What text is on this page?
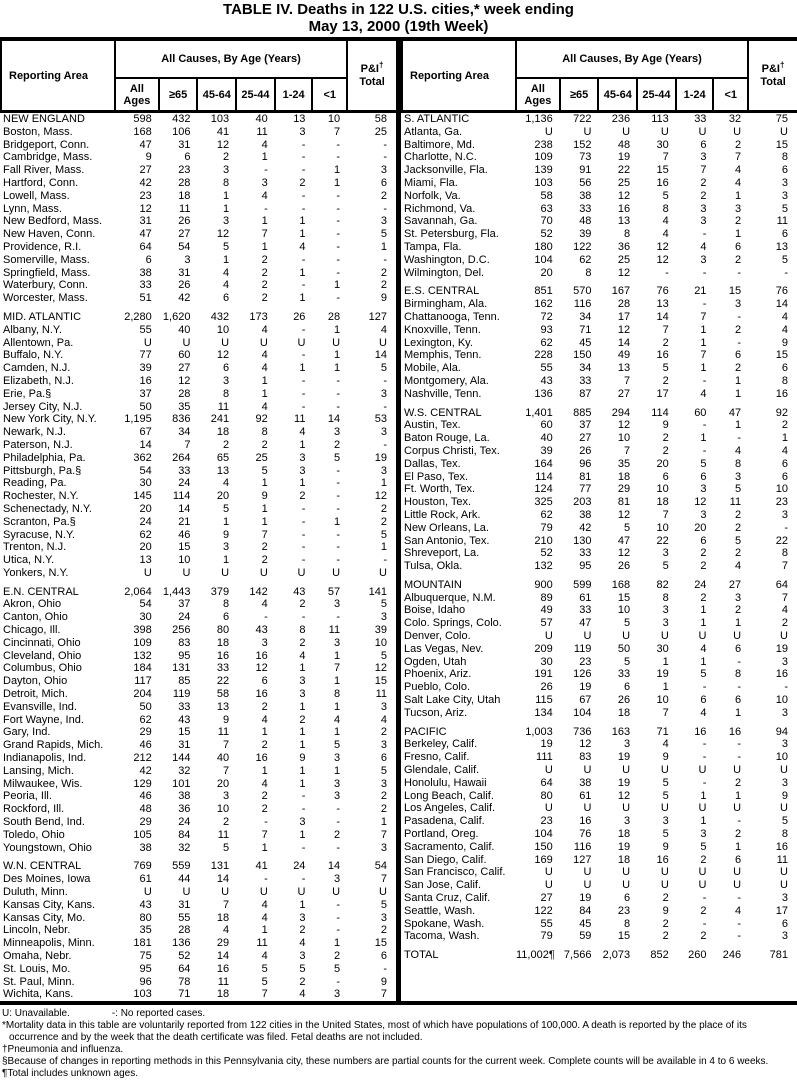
TABLE IV. Deaths in 122 U.S. cities,* week ending
May 13, 2000 (19th Week)
Reporting Area	All Causes, By Age (Years)						P&I†
Total
	All Ages	≥65	45-64	25-44	1-24	<1	
NEW ENGLAND	598	432	103	40	13	10	58
Boston, Mass.	168	106	41	11	3	7	25
Bridgeport, Conn.	47	31	12	4	-	-	-
Cambridge, Mass.	9	6	2	1	-	-	-
Fall River, Mass.	27	23	3	-	-	1	3
Hartford, Conn.	42	28	8	3	2	1	6
Lowell, Mass.	23	18	1	4	-	-	2
Lynn, Mass.	12	11	1	-	-	-	-
New Bedford, Mass.	31	26	3	1	1	-	3
New Haven, Conn.	47	27	12	7	1	-	5
Providence, R.I.	64	54	5	1	4	-	1
Somerville, Mass.	6	3	1	2	-	-	-
Springfield, Mass.	38	31	4	2	1	-	2
Waterbury, Conn.	33	26	4	2	-	1	2
Worcester, Mass.	51	42	6	2	1	-	9

MID. ATLANTIC	2,280	1,620	432	173	26	28	127
Albany, N.Y.	55	40	10	4	-	1	4
Allentown, Pa.	U	U	U	U	U	U	U
Buffalo, N.Y.	77	60	12	4	-	1	14
Camden, N.J.	39	27	6	4	1	1	5
Elizabeth, N.J.	16	12	3	1	-	-	-
Erie, Pa.§	37	28	8	1	-	-	3
Jersey City, N.J.	50	35	11	4	-	-	-
New York City, N.Y.	1,195	836	241	92	11	14	53
Newark, N.J.	67	34	18	8	4	3	3
Paterson, N.J.	14	7	2	2	1	2	-
Philadelphia, Pa.	362	264	65	25	3	5	19
Pittsburgh, Pa.§	54	33	13	5	3	-	3
Reading, Pa.	30	24	4	1	1	-	1
Rochester, N.Y.	145	114	20	9	2	-	12
Schenectady, N.Y.	20	14	5	1	-	-	2
Scranton, Pa.§	24	21	1	1	-	1	2
Syracuse, N.Y.	62	46	9	7	-	-	5
Trenton, N.J.	20	15	3	2	-	-	1
Utica, N.Y.	13	10	1	2	-	-	-
Yonkers, N.Y.	U	U	U	U	U	U	U

E.N. CENTRAL	2,064	1,443	379	142	43	57	141
Akron, Ohio	54	37	8	4	2	3	5
Canton, Ohio	30	24	6	-	-	-	3
Chicago, Ill.	398	256	80	43	8	11	39
Cincinnati, Ohio	109	83	18	3	2	3	10
Cleveland, Ohio	132	95	16	16	4	1	5
Columbus, Ohio	184	131	33	12	1	7	12
Dayton, Ohio	117	85	22	6	3	1	15
Detroit, Mich.	204	119	58	16	3	8	11
Evansville, Ind.	50	33	13	2	1	1	3
Fort Wayne, Ind.	62	43	9	4	2	4	4
Gary, Ind.	29	15	11	1	1	1	2
Grand Rapids, Mich.	46	31	7	2	1	5	3
Indianapolis, Ind.	212	144	40	16	9	3	6
Lansing, Mich.	42	32	7	1	1	1	5
Milwaukee, Wis.	129	101	20	4	1	3	3
Peoria, Ill.	46	38	3	2	-	3	2
Rockford, Ill.	48	36	10	2	-	-	2
South Bend, Ind.	29	24	2	-	3	-	1
Toledo, Ohio	105	84	11	7	1	2	7
Youngstown, Ohio	38	32	5	1	-	-	3

W.N. CENTRAL	769	559	131	41	24	14	54
Des Moines, Iowa	61	44	14	-	-	3	7
Duluth, Minn.	U	U	U	U	U	U	U
Kansas City, Kans.	43	31	7	4	1	-	5
Kansas City, Mo.	80	55	18	4	3	-	3
Lincoln, Nebr.	35	28	4	1	2	-	2
Minneapolis, Minn.	181	136	29	11	4	1	15
Omaha, Nebr.	75	52	14	4	3	2	6
St. Louis, Mo.	95	64	16	5	5	5	-
St. Paul, Minn.	96	78	11	5	2	-	9
Wichita, Kans.	103	71	18	7	4	3	7
Reporting Area	All Causes, By Age (Years)						P&I†
Total
	All Ages	≥65	45-64	25-44	1-24	<1	
S. ATLANTIC	1,136	722	236	113	33	32	75
Atlanta, Ga.	U	U	U	U	U	U	U
Baltimore, Md.	238	152	48	30	6	2	15
Charlotte, N.C.	109	73	19	7	3	7	8
Jacksonville, Fla.	139	91	22	15	7	4	6
Miami, Fla.	103	56	25	16	2	4	3
Norfolk, Va.	58	38	12	5	2	1	3
Richmond, Va.	63	33	16	8	3	3	5
Savannah, Ga.	70	48	13	4	3	2	11
St. Petersburg, Fla.	52	39	8	4	-	1	6
Tampa, Fla.	180	122	36	12	4	6	13
Washington, D.C.	104	62	25	12	3	2	5
Wilmington, Del.	20	8	12	-	-	-	-

E.S. CENTRAL	851	570	167	76	21	15	76
Birmingham, Ala.	162	116	28	13	-	3	14
Chattanooga, Tenn.	72	34	17	14	7	-	4
Knoxville, Tenn.	93	71	12	7	1	2	4
Lexington, Ky.	62	45	14	2	1	-	9
Memphis, Tenn.	228	150	49	16	7	6	15
Mobile, Ala.	55	34	13	5	1	2	6
Montgomery, Ala.	43	33	7	2	-	1	8
Nashville, Tenn.	136	87	27	17	4	1	16

W.S. CENTRAL	1,401	885	294	114	60	47	92
Austin, Tex.	60	37	12	9	-	1	2
Baton Rouge, La.	40	27	10	2	1	-	1
Corpus Christi, Tex.	39	26	7	2	-	4	4
Dallas, Tex.	164	96	35	20	5	8	6
El Paso, Tex.	114	81	18	6	6	3	6
Ft. Worth, Tex.	124	77	29	10	3	5	10
Houston, Tex.	325	203	81	18	12	11	23
Little Rock, Ark.	62	38	12	7	3	2	3
New Orleans, La.	79	42	5	10	20	2	-
San Antonio, Tex.	210	130	47	22	6	5	22
Shreveport, La.	52	33	12	3	2	2	8
Tulsa, Okla.	132	95	26	5	2	4	7

MOUNTAIN	900	599	168	82	24	27	64
Albuquerque, N.M.	89	61	15	8	2	3	7
Boise, Idaho	49	33	10	3	1	2	4
Colo. Springs, Colo.	57	47	5	3	1	1	2
Denver, Colo.	U	U	U	U	U	U	U
Las Vegas, Nev.	209	119	50	30	4	6	19
Ogden, Utah	30	23	5	1	1	-	3
Phoenix, Ariz.	191	126	33	19	5	8	16
Pueblo, Colo.	26	19	6	1	-	-	-
Salt Lake City, Utah	115	67	26	10	6	6	10
Tucson, Ariz.	134	104	18	7	4	1	3

PACIFIC	1,003	736	163	71	16	16	94
Berkeley, Calif.	19	12	3	4	-	-	3
Fresno, Calif.	111	83	19	9	-	-	10
Glendale, Calif.	U	U	U	U	U	U	U
Honolulu, Hawaii	64	38	19	5	-	2	3
Long Beach, Calif.	80	61	12	5	1	1	9
Los Angeles, Calif.	U	U	U	U	U	U	U
Pasadena, Calif.	23	16	3	3	1	-	5
Portland, Oreg.	104	76	18	5	3	2	8
Sacramento, Calif.	150	116	19	9	5	1	16
San Diego, Calif.	169	127	18	16	2	6	11
San Francisco, Calif.	U	U	U	U	U	U	U
San Jose, Calif.	U	U	U	U	U	U	U
Santa Cruz, Calif.	27	19	6	2	-	-	3
Seattle, Wash.	122	84	23	9	2	4	17
Spokane, Wash.	55	45	8	2	-	-	6
Tacoma, Wash.	79	59	15	2	2	-	3

TOTAL	11,002¶	7,566	2,073	852	260	246	781
U: Unavailable.	-: No reported cases.
*Mortality data in this table are voluntarily reported from 122 cities in the United States, most of which have populations of 100,000. A death is reported by the place of its occurrence and by the week that the death certificate was filed. Fetal deaths are not included.
†Pneumonia and influenza.
§Because of changes in reporting methods in this Pennsylvania city, these numbers are partial counts for the current week. Complete counts will be available in 4 to 6 weeks.
¶Total includes unknown ages.
